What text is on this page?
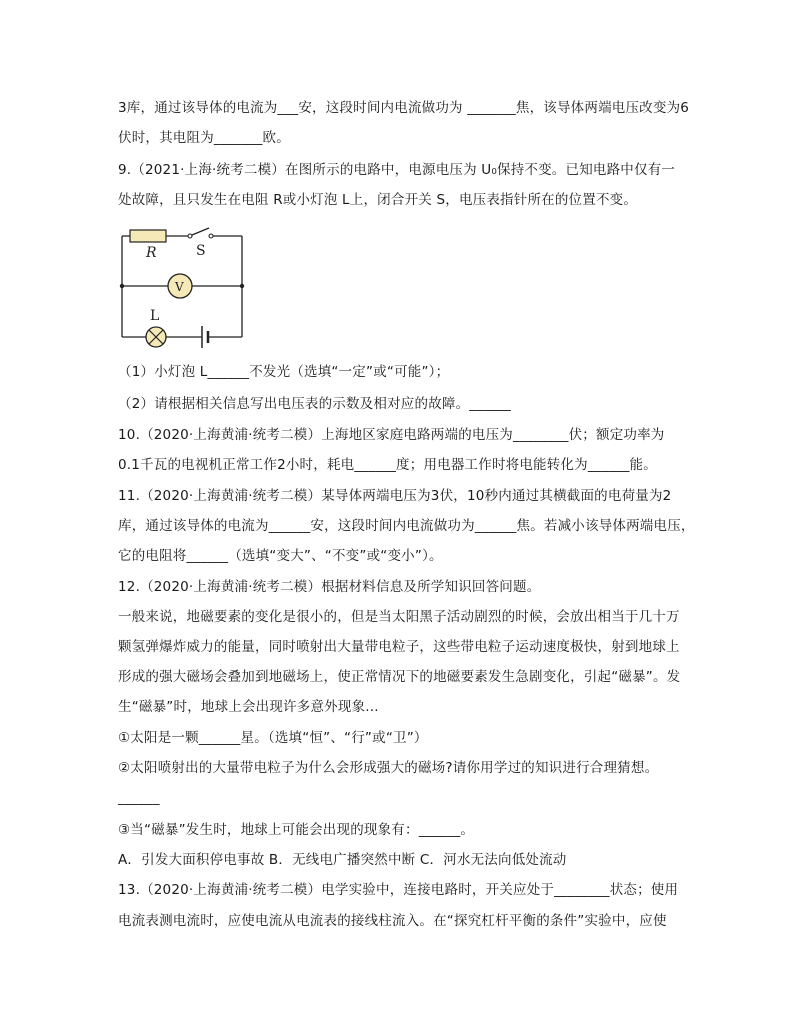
3库，通过该导体的电流为___安，这段时间内电流做功为 _______焦，该导体两端电压改变为6
伏时，其电阻为_______欧。
9.（2021·上海·统考二模）在图所示的电路中，电源电压为 U₀保持不变。已知电路中仅有一
处故障，且只发生在电阻 R或小灯泡 L上，闭合开关 S，电压表指针所在的位置不变。
R	S
V
L
（1）小灯泡 L______不发光（选填“一定”或“可能”）；
（2）请根据相关信息写出电压表的示数及相对应的故障。______
10.（2020·上海黄浦·统考二模）上海地区家庭电路两端的电压为________伏；额定功率为
0.1千瓦的电视机正常工作2小时，耗电______度；用电器工作时将电能转化为______能。
11.（2020·上海黄浦·统考二模）某导体两端电压为3伏，10秒内通过其横截面的电荷量为2
库，通过该导体的电流为______安，这段时间内电流做功为______焦。若减小该导体两端电压，
它的电阻将______（选填“变大”、“不变”或“变小”）。
12.（2020·上海黄浦·统考二模）根据材料信息及所学知识回答问题。
一般来说，地磁要素的变化是很小的，但是当太阳黑子活动剧烈的时候，会放出相当于几十万
颗氢弹爆炸威力的能量，同时喷射出大量带电粒子，这些带电粒子运动速度极快，射到地球上
形成的强大磁场会叠加到地磁场上，使正常情况下的地磁要素发生急剧变化，引起“磁暴”。发
生“磁暴”时，地球上会出现许多意外现象...
①太阳是一颗______星。（选填“恒”、“行”或“卫”）
②太阳喷射出的大量带电粒子为什么会形成强大的磁场?请你用学过的知识进行合理猜想。
______
③当“磁暴”发生时，地球上可能会出现的现象有：______。
A．引发大面积停电事故 B．无线电广播突然中断 C．河水无法向低处流动
13.（2020·上海黄浦·统考二模）电学实验中，连接电路时，开关应处于________状态；使用
电流表测电流时，应使电流从电流表的接线柱流入。在“探究杠杆平衡的条件”实验中，应使
